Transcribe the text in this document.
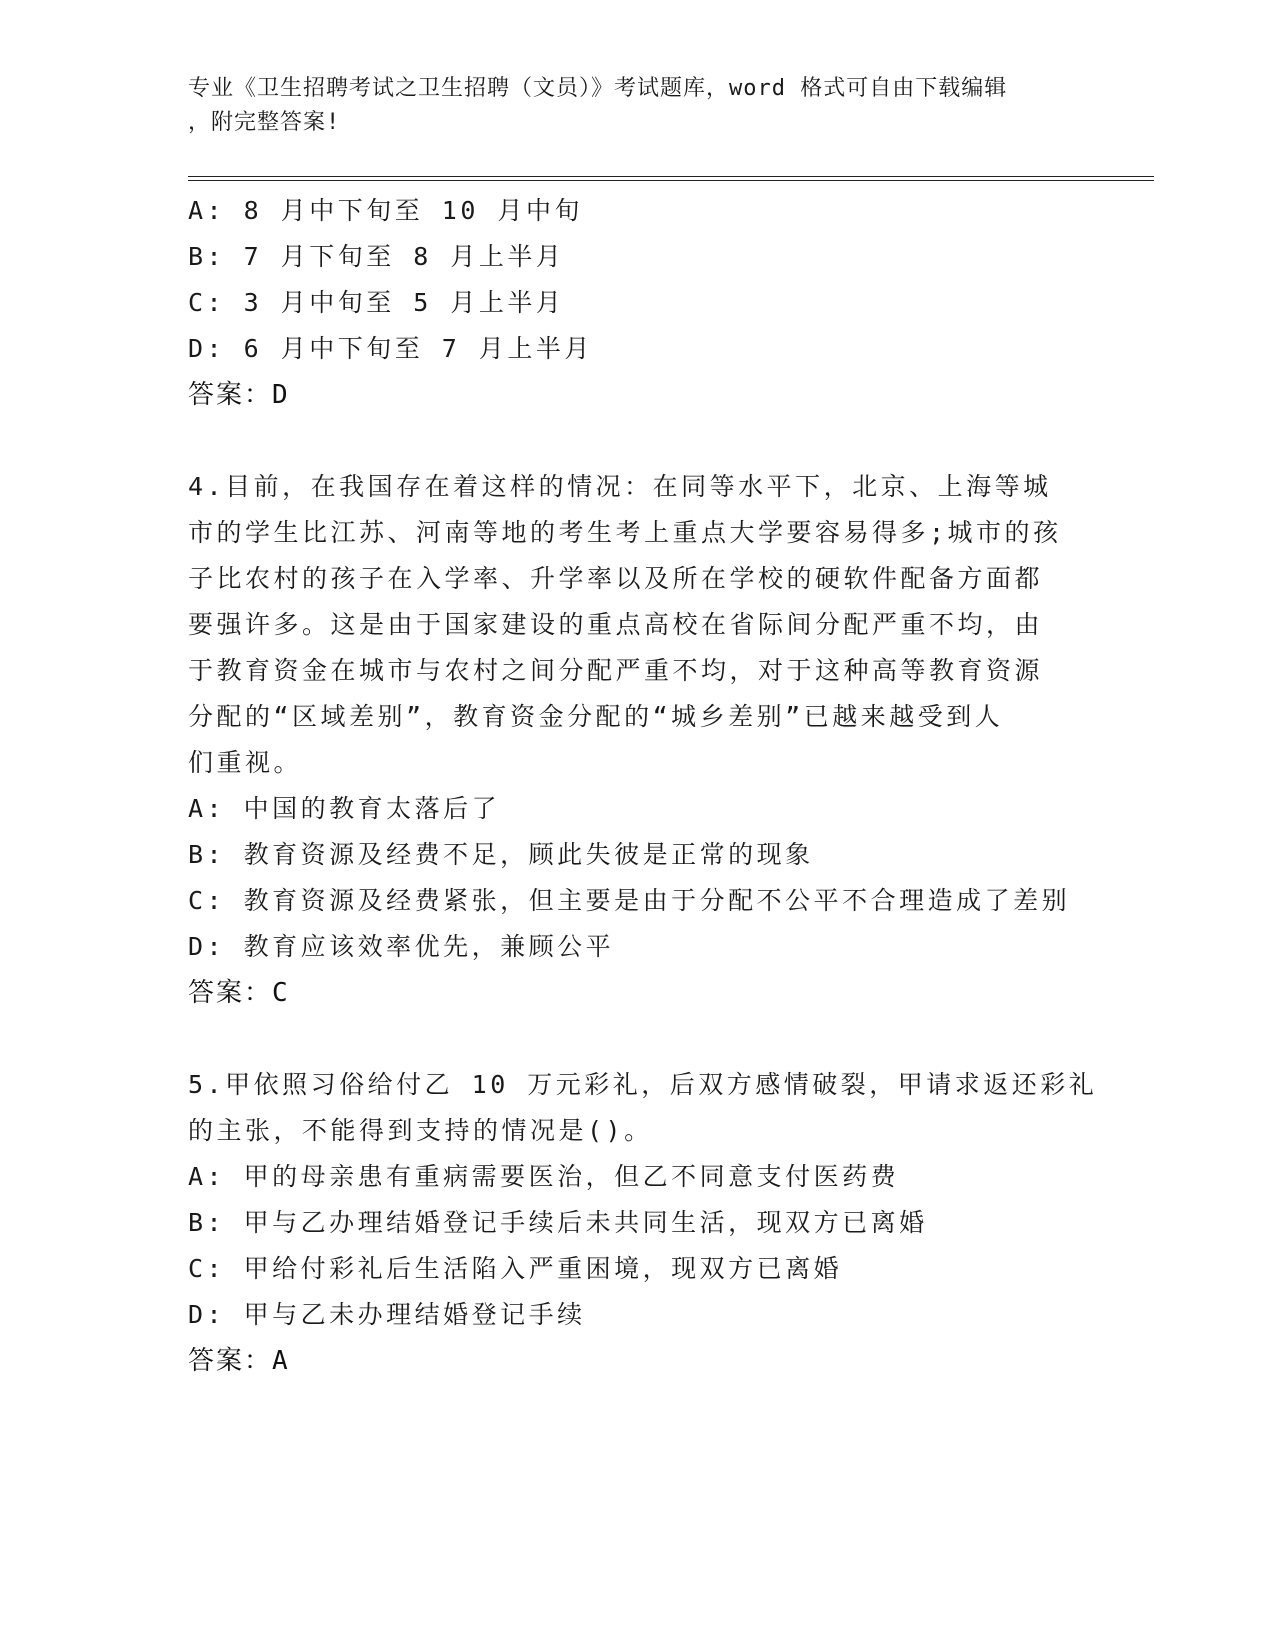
专业《卫生招聘考试之卫生招聘（文员）》考试题库，word 格式可自由下载编辑
，附完整答案!
A: 8 月中下旬至 10 月中旬
B: 7 月下旬至 8 月上半月
C: 3 月中旬至 5 月上半月
D: 6 月中下旬至 7 月上半月
答案：D
4.目前，在我国存在着这样的情况：在同等水平下，北京、上海等城
市的学生比江苏、河南等地的考生考上重点大学要容易得多;城市的孩
子比农村的孩子在入学率、升学率以及所在学校的硬软件配备方面都
要强许多。这是由于国家建设的重点高校在省际间分配严重不均，由
于教育资金在城市与农村之间分配严重不均，对于这种高等教育资源
分配的“区域差别”，教育资金分配的“城乡差别”已越来越受到人
们重视。
A: 中国的教育太落后了
B: 教育资源及经费不足，顾此失彼是正常的现象
C: 教育资源及经费紧张，但主要是由于分配不公平不合理造成了差别
D: 教育应该效率优先，兼顾公平
答案：C
5.甲依照习俗给付乙 10 万元彩礼，后双方感情破裂，甲请求返还彩礼
的主张，不能得到支持的情况是()。
A: 甲的母亲患有重病需要医治，但乙不同意支付医药费
B: 甲与乙办理结婚登记手续后未共同生活，现双方已离婚
C: 甲给付彩礼后生活陷入严重困境，现双方已离婚
D: 甲与乙未办理结婚登记手续
答案：A
